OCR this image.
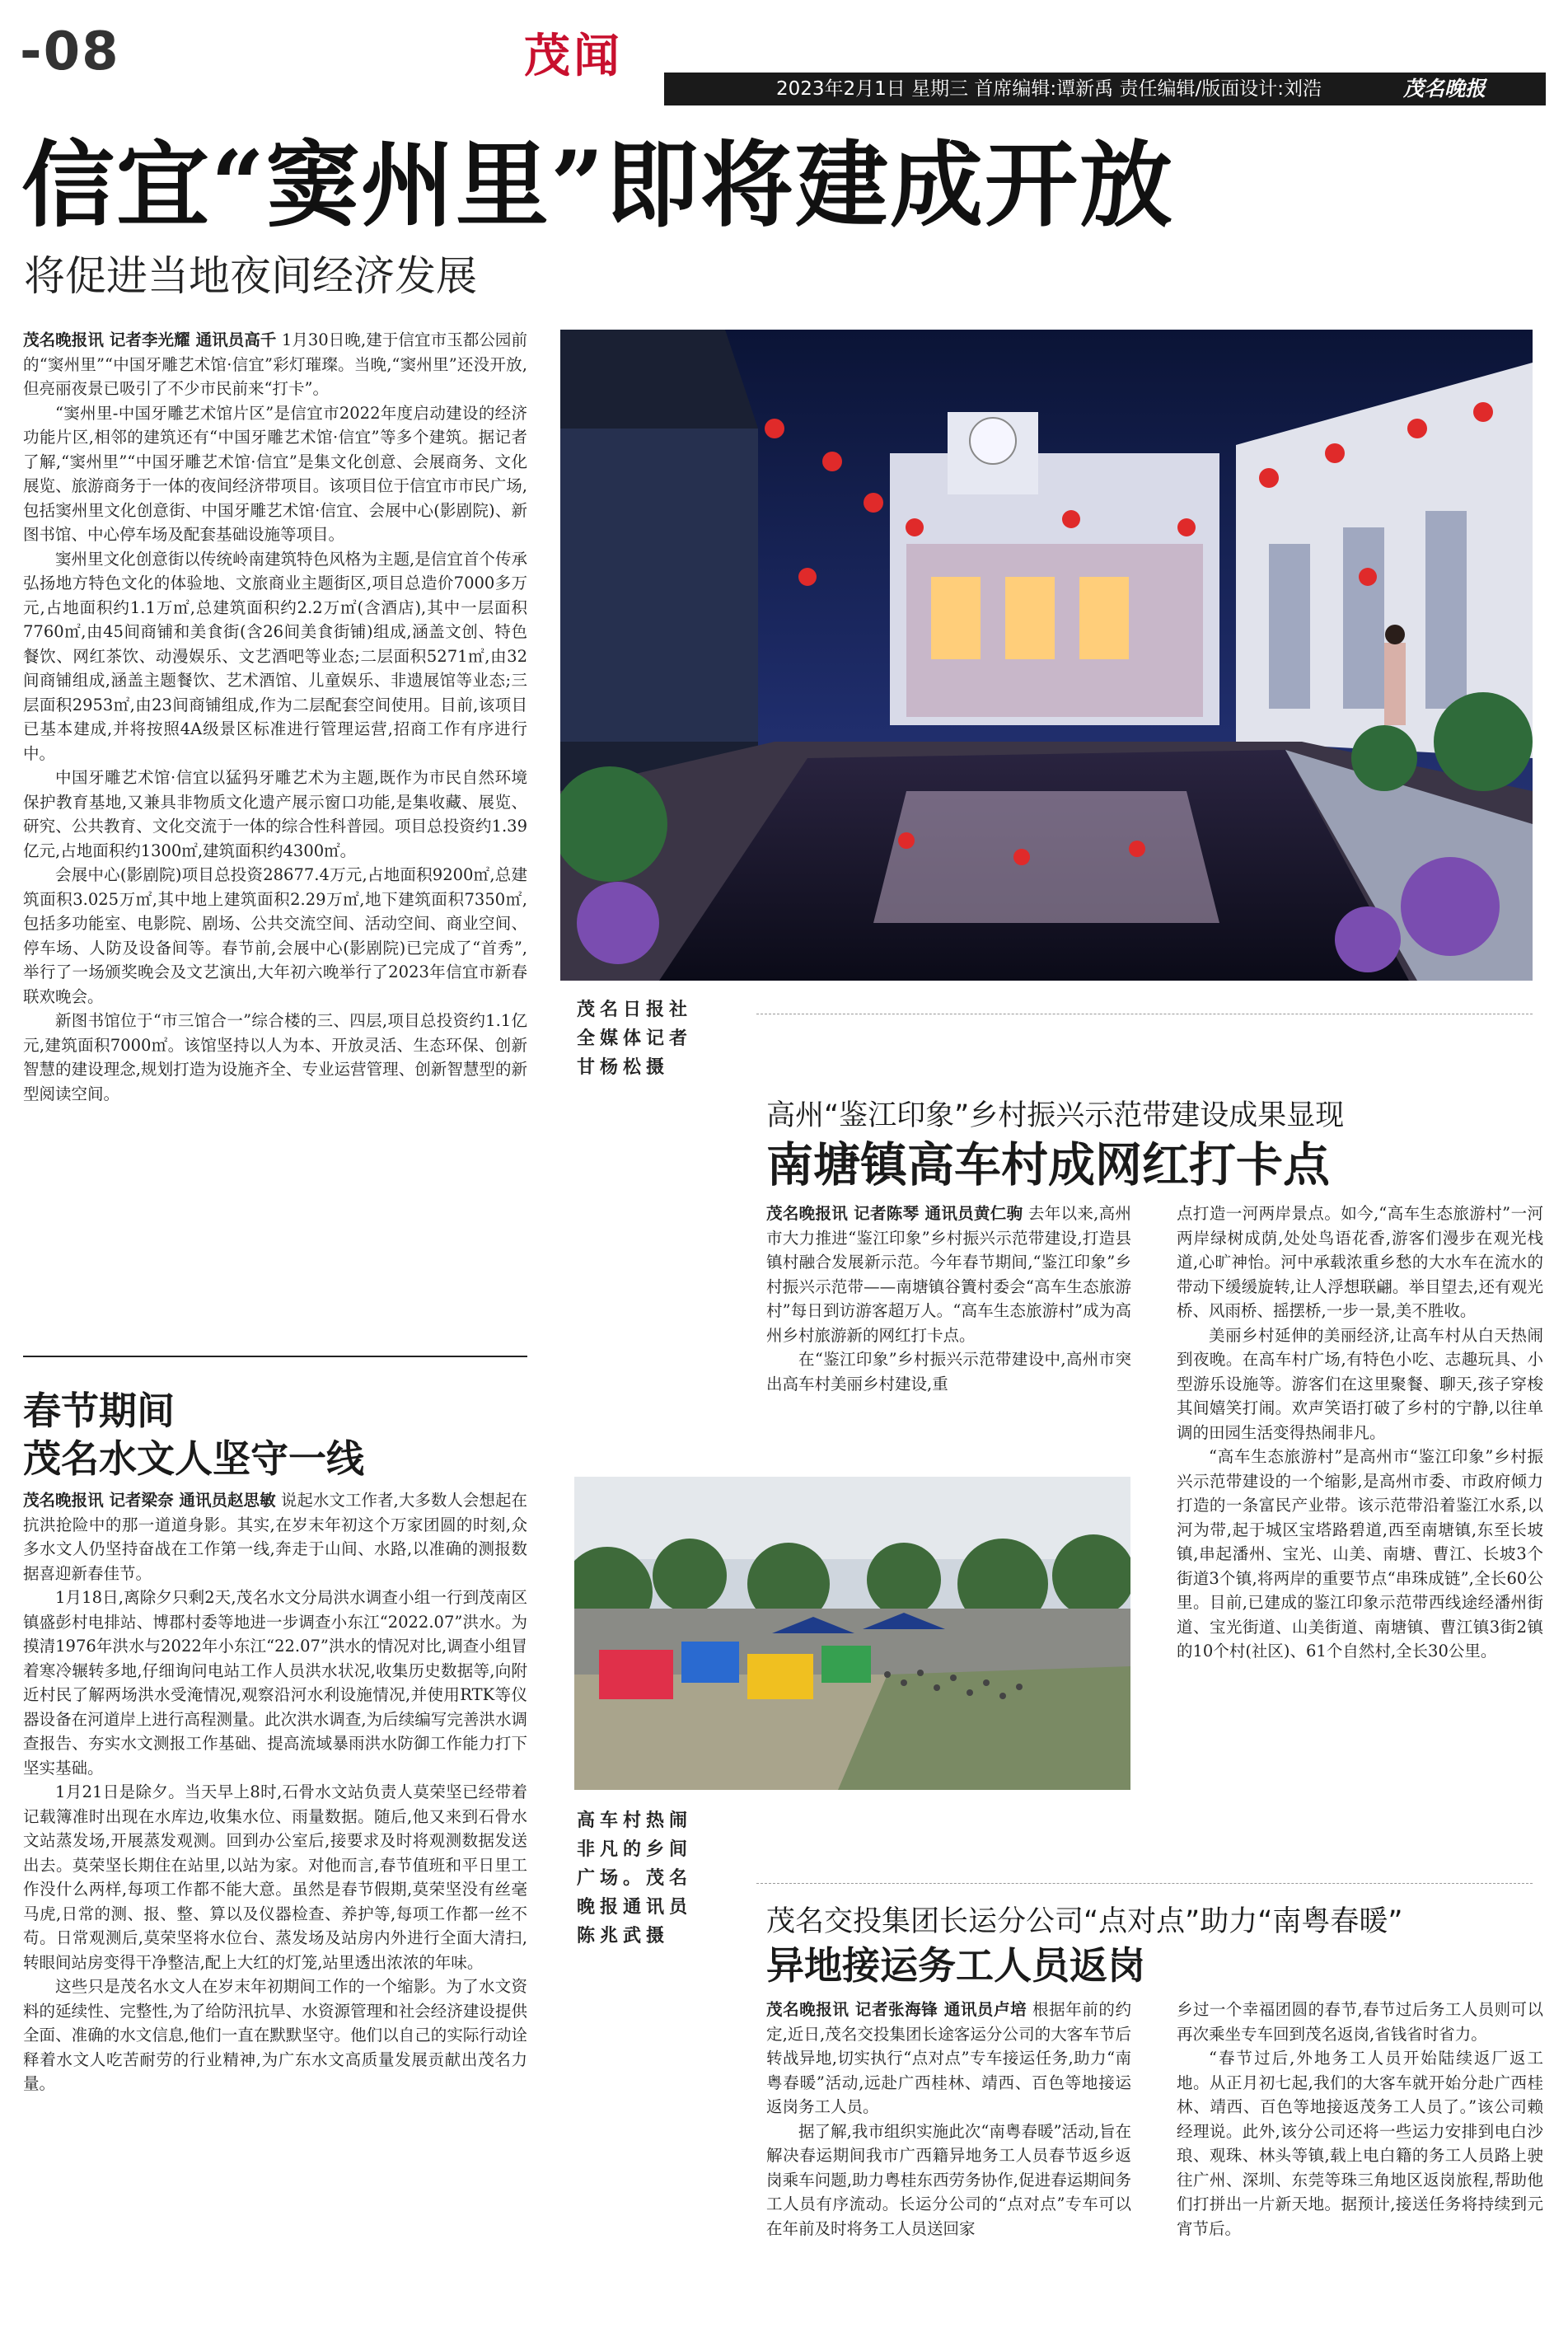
-08	茂闻
2023年2月1日 星期三 首席编辑:谭新禹 责任编辑/版面设计:刘浩	茂名晚报
信宜“窦州里”即将建成开放
将促进当地夜间经济发展

茂名晚报讯 记者李光耀 通讯员高千 1月30日晚,建于信宜市玉都公园前的“窦州里”“中国牙雕艺术馆·信宜”彩灯璀璨。当晚,“窦州里”还没开放,但亮丽夜景已吸引了不少市民前来“打卡”。

“窦州里-中国牙雕艺术馆片区”是信宜市2022年度启动建设的经济功能片区,相邻的建筑还有“中国牙雕艺术馆·信宜”等多个建筑。据记者了解,“窦州里”“中国牙雕艺术馆·信宜”是集文化创意、会展商务、文化展览、旅游商务于一体的夜间经济带项目。该项目位于信宜市市民广场,包括窦州里文化创意街、中国牙雕艺术馆·信宜、会展中心(影剧院)、新图书馆、中心停车场及配套基础设施等项目。

窦州里文化创意街以传统岭南建筑特色风格为主题,是信宜首个传承弘扬地方特色文化的体验地、文旅商业主题街区,项目总造价7000多万元,占地面积约1.1万㎡,总建筑面积约2.2万㎡(含酒店),其中一层面积7760㎡,由45间商铺和美食街(含26间美食街铺)组成,涵盖文创、特色餐饮、网红茶饮、动漫娱乐、文艺酒吧等业态;二层面积5271㎡,由32间商铺组成,涵盖主题餐饮、艺术酒馆、儿童娱乐、非遗展馆等业态;三层面积2953㎡,由23间商铺组成,作为二层配套空间使用。目前,该项目已基本建成,并将按照4A级景区标准进行管理运营,招商工作有序进行中。

中国牙雕艺术馆·信宜以猛犸牙雕艺术为主题,既作为市民自然环境保护教育基地,又兼具非物质文化遗产展示窗口功能,是集收藏、展览、研究、公共教育、文化交流于一体的综合性科普园。项目总投资约1.39亿元,占地面积约1300㎡,建筑面积约4300㎡。

会展中心(影剧院)项目总投资28677.4万元,占地面积9200㎡,总建筑面积3.025万㎡,其中地上建筑面积2.29万㎡,地下建筑面积7350㎡,包括多功能室、电影院、剧场、公共交流空间、活动空间、商业空间、停车场、人防及设备间等。春节前,会展中心(影剧院)已完成了“首秀”,举行了一场颁奖晚会及文艺演出,大年初六晚举行了2023年信宜市新春联欢晚会。

新图书馆位于“市三馆合一”综合楼的三、四层,项目总投资约1.1亿元,建筑面积7000㎡。该馆坚持以人为本、开放灵活、生态环保、创新智慧的建设理念,规划打造为设施齐全、专业运营管理、创新智慧型的新型阅读空间。

茂名日报社全媒体记者甘杨松摄
春节期间
茂名水文人坚守一线

茂名晚报讯 记者梁奈 通讯员赵思敏 说起水文工作者,大多数人会想起在抗洪抢险中的那一道道身影。其实,在岁末年初这个万家团圆的时刻,众多水文人仍坚持奋战在工作第一线,奔走于山间、水路,以准确的测报数据喜迎新春佳节。

1月18日,离除夕只剩2天,茂名水文分局洪水调查小组一行到茂南区镇盛彭村电排站、博郡村委等地进一步调查小东江“2022.07”洪水。为摸清1976年洪水与2022年小东江“22.07”洪水的情况对比,调查小组冒着寒冷辗转多地,仔细询问电站工作人员洪水状况,收集历史数据等,向附近村民了解两场洪水受淹情况,观察沿河水利设施情况,并使用RTK等仪器设备在河道岸上进行高程测量。此次洪水调查,为后续编写完善洪水调查报告、夯实水文测报工作基础、提高流域暴雨洪水防御工作能力打下坚实基础。

1月21日是除夕。当天早上8时,石骨水文站负责人莫荣坚已经带着记载簿准时出现在水库边,收集水位、雨量数据。随后,他又来到石骨水文站蒸发场,开展蒸发观测。回到办公室后,接要求及时将观测数据发送出去。莫荣坚长期住在站里,以站为家。对他而言,春节值班和平日里工作没什么两样,每项工作都不能大意。虽然是春节假期,莫荣坚没有丝毫马虎,日常的测、报、整、算以及仪器检查、养护等,每项工作都一丝不苟。日常观测后,莫荣坚将水位台、蒸发场及站房内外进行全面大清扫,转眼间站房变得干净整洁,配上大红的灯笼,站里透出浓浓的年味。

这些只是茂名水文人在岁末年初期间工作的一个缩影。为了水文资料的延续性、完整性,为了给防汛抗旱、水资源管理和社会经济建设提供全面、准确的水文信息,他们一直在默默坚守。他们以自己的实际行动诠释着水文人吃苦耐劳的行业精神,为广东水文高质量发展贡献出茂名力量。

高州“鉴江印象”乡村振兴示范带建设成果显现
南塘镇高车村成网红打卡点

茂名晚报讯 记者陈琴 通讯员黄仁驹 去年以来,高州市大力推进“鉴江印象”乡村振兴示范带建设,打造县镇村融合发展新示范。今年春节期间,“鉴江印象”乡村振兴示范带——南塘镇谷簀村委会“高车生态旅游村”每日到访游客超万人。“高车生态旅游村”成为高州乡村旅游新的网红打卡点。

在“鉴江印象”乡村振兴示范带建设中,高州市突出高车村美丽乡村建设,重

点打造一河两岸景点。如今,“高车生态旅游村”一河两岸绿树成荫,处处鸟语花香,游客们漫步在观光栈道,心旷神怡。河中承载浓重乡愁的大水车在流水的带动下缓缓旋转,让人浮想联翩。举目望去,还有观光桥、风雨桥、摇摆桥,一步一景,美不胜收。

美丽乡村延伸的美丽经济,让高车村从白天热闹到夜晚。在高车村广场,有特色小吃、志趣玩具、小型游乐设施等。游客们在这里聚餐、聊天,孩子穿梭其间嬉笑打闹。欢声笑语打破了乡村的宁静,以往单调的田园生活变得热闹非凡。

“高车生态旅游村”是高州市“鉴江印象”乡村振兴示范带建设的一个缩影,是高州市委、市政府倾力打造的一条富民产业带。该示范带沿着鉴江水系,以河为带,起于城区宝塔路碧道,西至南塘镇,东至长坡镇,串起潘州、宝光、山美、南塘、曹江、长坡3个街道3个镇,将两岸的重要节点“串珠成链”,全长60公里。目前,已建成的鉴江印象示范带西线途经潘州街道、宝光街道、山美街道、南塘镇、曹江镇3街2镇的10个村(社区)、61个自然村,全长30公里。

高车村热闹非凡的乡间广场。茂名晚报通讯员陈兆武摄	茂名交投集团长运分公司“点对点”助力“南粤春暖”
异地接运务工人员返岗

茂名晚报讯 记者张海锋 通讯员卢培 根据年前的约定,近日,茂名交投集团长途客运分公司的大客车节后转战异地,切实执行“点对点”专车接运任务,助力“南粤春暖”活动,远赴广西桂林、靖西、百色等地接运返岗务工人员。

据了解,我市组织实施此次“南粤春暖”活动,旨在解决春运期间我市广西籍异地务工人员春节返乡返岗乘车问题,助力粤桂东西劳务协作,促进春运期间务工人员有序流动。长运分公司的“点对点”专车可以在年前及时将务工人员送回家

乡过一个幸福团圆的春节,春节过后务工人员则可以再次乘坐专车回到茂名返岗,省钱省时省力。

“春节过后,外地务工人员开始陆续返厂返工地。从正月初七起,我们的大客车就开始分赴广西桂林、靖西、百色等地接返茂务工人员了。”该公司赖经理说。此外,该分公司还将一些运力安排到电白沙琅、观珠、林头等镇,载上电白籍的务工人员路上驶往广州、深圳、东莞等珠三角地区返岗旅程,帮助他们打拼出一片新天地。据预计,接送任务将持续到元宵节后。
